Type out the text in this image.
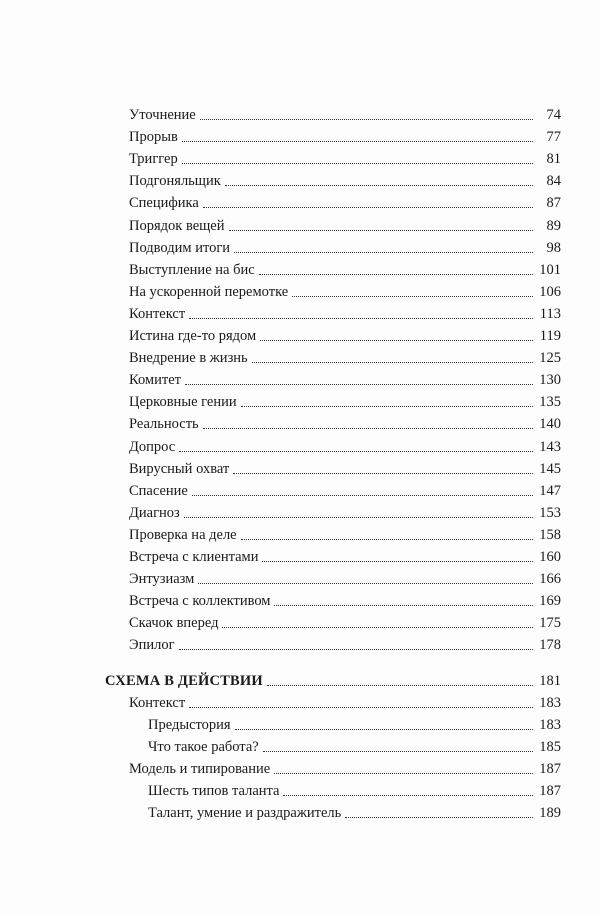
Уточнение	74
Прорыв	77
Триггер	81
Подгоняльщик	84
Специфика	87
Порядок вещей	89
Подводим итоги	98
Выступление на бис	101
На ускоренной перемотке	106
Контекст	113
Истина где-то рядом	119
Внедрение в жизнь	125
Комитет	130
Церковные гении	135
Реальность	140
Допрос	143
Вирусный охват	145
Спасение	147
Диагноз	153
Проверка на деле	158
Встреча с клиентами	160
Энтузиазм	166
Встреча с коллективом	169
Скачок вперед	175
Эпилог	178
СХЕМА В ДЕЙСТВИИ	181
Контекст	183
Предыстория	183
Что такое работа?	185
Модель и типирование	187
Шесть типов таланта	187
Талант, умение и раздражитель	189
